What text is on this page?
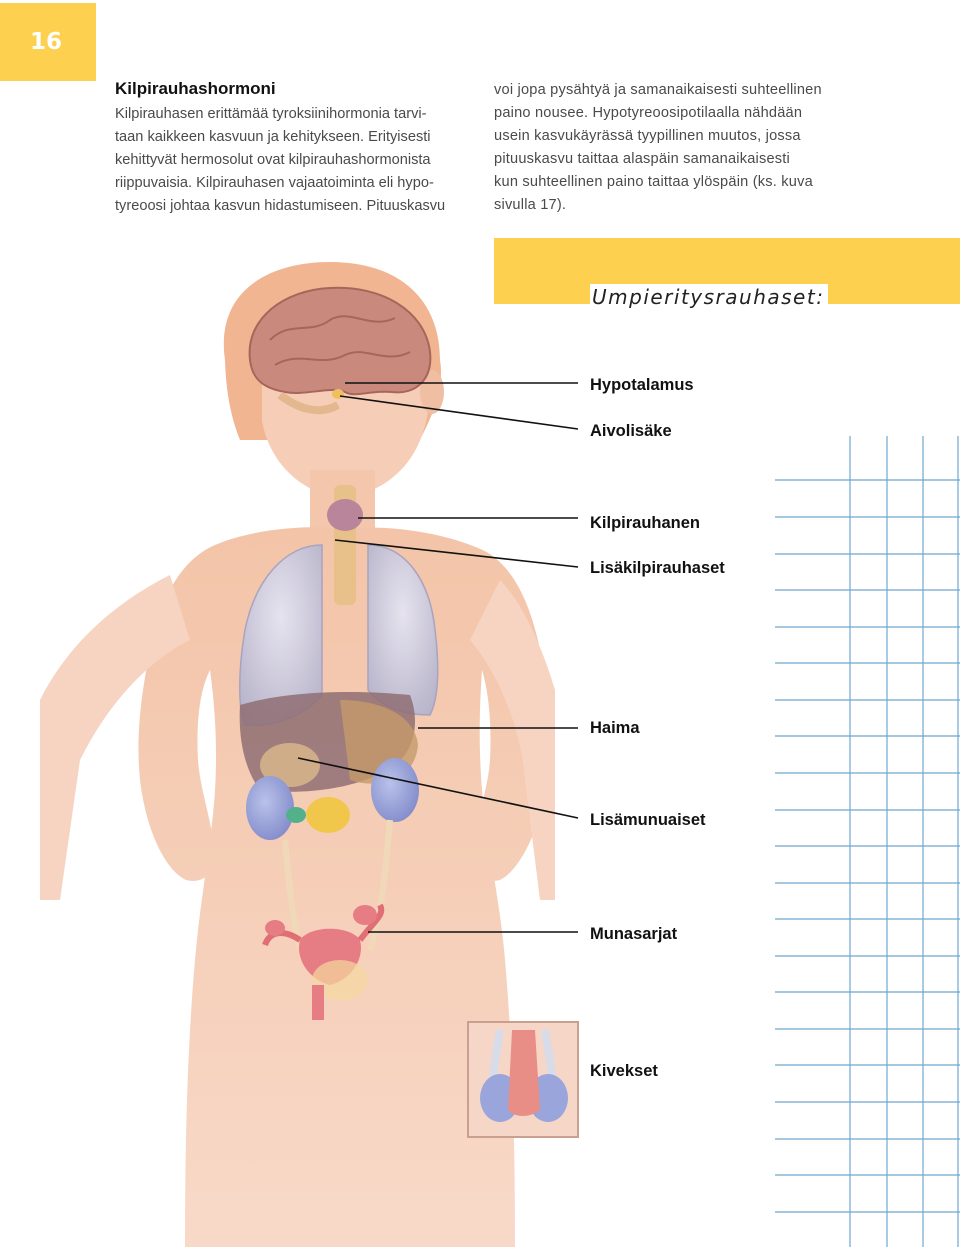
16
Kilpirauhashormoni
Kilpirauhasen erittämää tyroksiinihormonia tarvi-
taan kaikkeen kasvuun ja kehitykseen. Erityisesti
kehittyvät hermosolut ovat kilpirauhashormonista
riippuvaisia. Kilpirauhasen vajaatoiminta eli hypo-
tyreoosi johtaa kasvun hidastumiseen. Pituuskasvu
voi jopa pysähtyä ja samanaikaisesti suhteellinen
paino nousee. Hypotyreoosipotilaalla nähdään
usein kasvukäyrässä tyypillinen muutos, jossa
pituuskasvu taittaa alaspäin samanaikaisesti
kun suhteellinen paino taittaa ylöspäin (ks. kuva
sivulla 17).
Umpieritysrauhaset:
Hypotalamus
Aivolisäke
Kilpirauhanen
Lisäkilpirauhaset
Haima
Lisämunuaiset
Munasarjat
Kivekset
